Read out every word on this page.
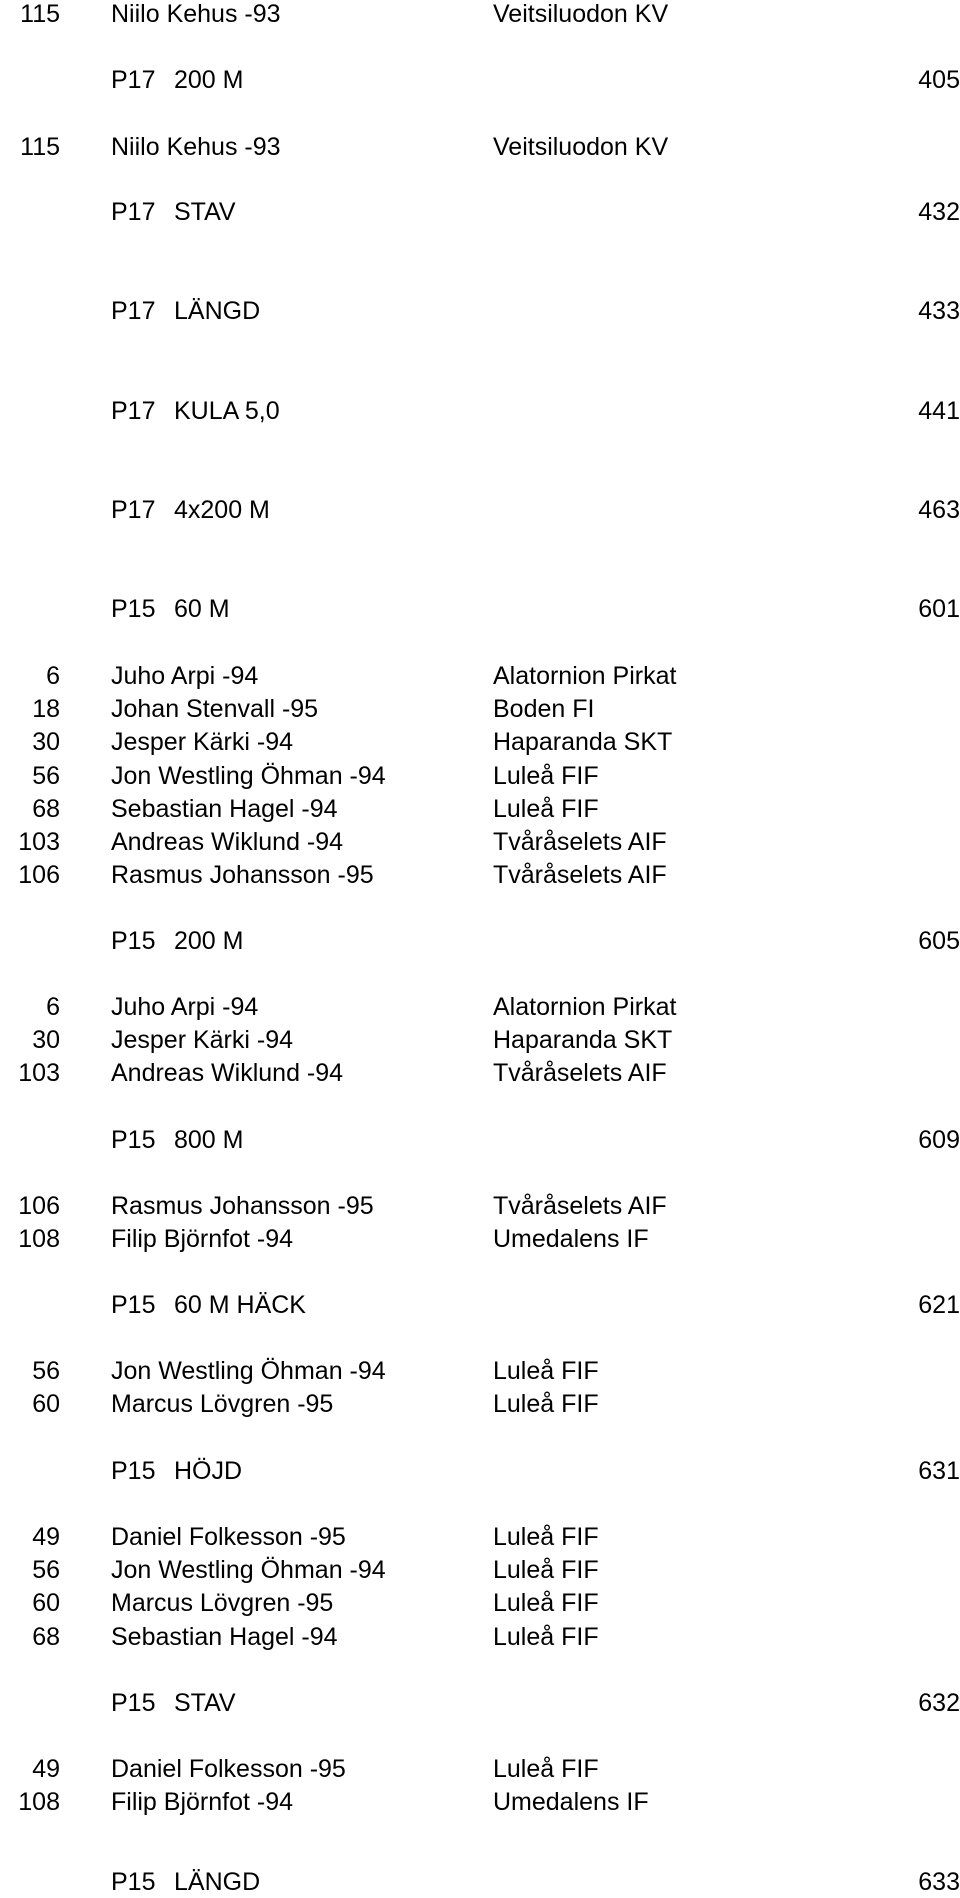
115 Niilo Kehus -93	Veitsiluodon KV
P17 200 M	405
115 Niilo Kehus -93	Veitsiluodon KV
P17 STAV	432
P17 LÄNGD	433
P17 KULA 5,0	441
P17 4x200 M	463
P15 60 M	601
6 Juho Arpi -94	Alatornion Pirkat
18 Johan Stenvall -95	Boden FI
30 Jesper Kärki -94	Haparanda SKT
56 Jon Westling Öhman -94	Luleå FIF
68 Sebastian Hagel -94	Luleå FIF
103 Andreas Wiklund -94	Tvåråselets AIF
106 Rasmus Johansson -95	Tvåråselets AIF
P15 200 M	605
6 Juho Arpi -94	Alatornion Pirkat
30 Jesper Kärki -94	Haparanda SKT
103 Andreas Wiklund -94	Tvåråselets AIF
P15 800 M	609
106 Rasmus Johansson -95	Tvåråselets AIF
108 Filip Björnfot -94	Umedalens IF
P15 60 M HÄCK	621
56 Jon Westling Öhman -94	Luleå FIF
60 Marcus Lövgren -95	Luleå FIF
P15 HÖJD	631
49 Daniel Folkesson -95	Luleå FIF
56 Jon Westling Öhman -94	Luleå FIF
60 Marcus Lövgren -95	Luleå FIF
68 Sebastian Hagel -94	Luleå FIF
P15 STAV	632
49 Daniel Folkesson -95	Luleå FIF
108 Filip Björnfot -94	Umedalens IF
P15 LÄNGD	633
